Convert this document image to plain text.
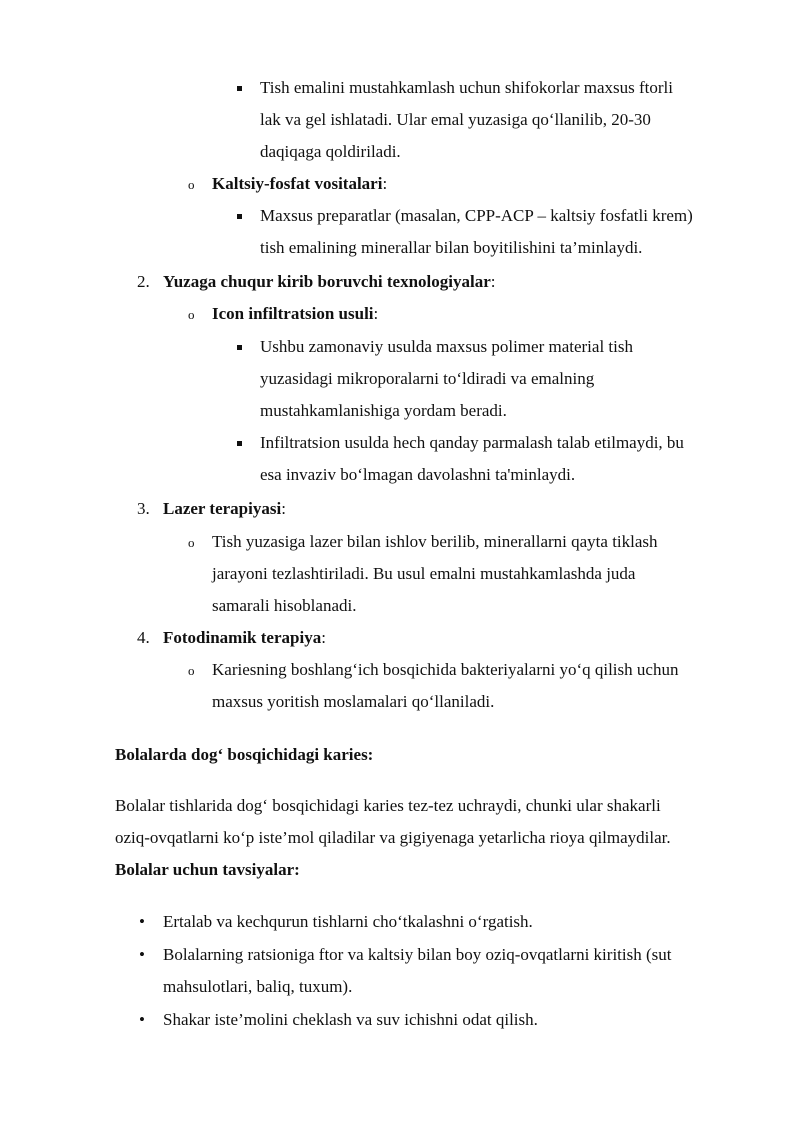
Tish emalini mustahkamlash uchun shifokorlar maxsus ftorli
lak va gel ishlatadi. Ular emal yuzasiga qo‘llanilib, 20-30
daqiqaga qoldiriladi.
o Kaltsiy-fosfat vositalari:
Maxsus preparatlar (masalan, CPP-ACP – kaltsiy fosfatli krem)
tish emalining minerallar bilan boyitilishini ta’minlaydi.
2. Yuzaga chuqur kirib boruvchi texnologiyalar:
o Icon infiltratsion usuli:
Ushbu zamonaviy usulda maxsus polimer material tish
yuzasidagi mikroporalarni to‘ldiradi va emalning
mustahkamlanishiga yordam beradi.
Infiltratsion usulda hech qanday parmalash talab etilmaydi, bu
esa invaziv bo‘lmagan davolashni ta'minlaydi.
3. Lazer terapiyasi:
o Tish yuzasiga lazer bilan ishlov berilib, minerallarni qayta tiklash
jarayoni tezlashtiriladi. Bu usul emalni mustahkamlashda juda
samarali hisoblanadi.
4. Fotodinamik terapiya:
o Kariesning boshlang‘ich bosqichida bakteriyalarni yo‘q qilish uchun
maxsus yoritish moslamalari qo‘llaniladi.
Bolalarda dog‘ bosqichidagi karies:
Bolalar tishlarida dog‘ bosqichidagi karies tez-tez uchraydi, chunki ular shakarli
oziq-ovqatlarni ko‘p iste’mol qiladilar va gigiyenaga yetarlicha rioya qilmaydilar.
Bolalar uchun tavsiyalar:
• Ertalab va kechqurun tishlarni cho‘tkalashni o‘rgatish.
• Bolalarning ratsioniga ftor va kaltsiy bilan boy oziq-ovqatlarni kiritish (sut
mahsulotlari, baliq, tuxum).
• Shakar iste’molini cheklash va suv ichishni odat qilish.
